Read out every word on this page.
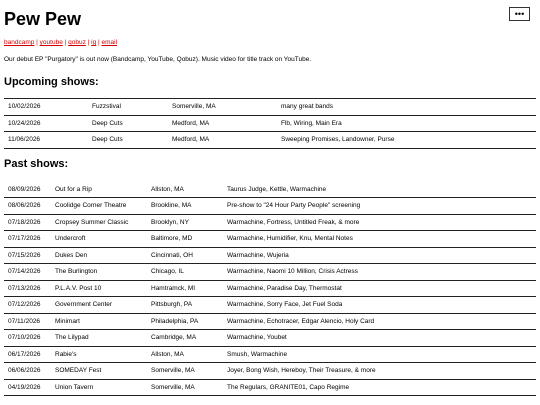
Pew Pew	•••
bandcamp | youtube | qobuz | ig | email
Our debut EP "Purgatory" is out now (Bandcamp, YouTube, Qobuz). Music video for title track on YouTube.
Upcoming shows:
10/02/2026	Fuzzstival	Somerville, MA	many great bands
10/24/2026	Deep Cuts	Medford, MA	Flb, Wiring, Main Era
11/06/2026	Deep Cuts	Medford, MA	Sweeping Promises, Landowner, Purse
Past shows:
08/09/2026	Out for a Rip	Allston, MA	Taurus Judge, Kettle, Warmachine
08/06/2026	Coolidge Corner Theatre	Brookline, MA	Pre-show to "24 Hour Party People" screening
07/18/2026	Cropsey Summer Classic	Brooklyn, NY	Warmachine, Fortress, Untitled Freak, & more
07/17/2026	Undercroft	Baltimore, MD	Warmachine, Humidifier, Knu, Mental Notes
07/15/2026	Dukes Den	Cincinnati, OH	Warmachine, Wujeria
07/14/2026	The Burlington	Chicago, IL	Warmachine, Naomi 10 Million, Crisis Actress
07/13/2026	P.L.A.V. Post 10	Hamtramck, MI	Warmachine, Paradise Day, Thermostat
07/12/2026	Government Center	Pittsburgh, PA	Warmachine, Sorry Face, Jet Fuel Soda
07/11/2026	Minimart	Philadelphia, PA	Warmachine, Echotracer, Edgar Alencio, Holy Card
07/10/2026	The Lilypad	Cambridge, MA	Warmachine, Youbet
06/17/2026	Rabie's	Allston, MA	Smush, Warmachine
06/06/2026	SOMEDAY Fest	Somerville, MA	Joyer, Bong Wish, Hereboy, Their Treasure, & more
04/19/2026	Union Tavern	Somerville, MA	The Regulars, GRANITE01, Capo Regime
